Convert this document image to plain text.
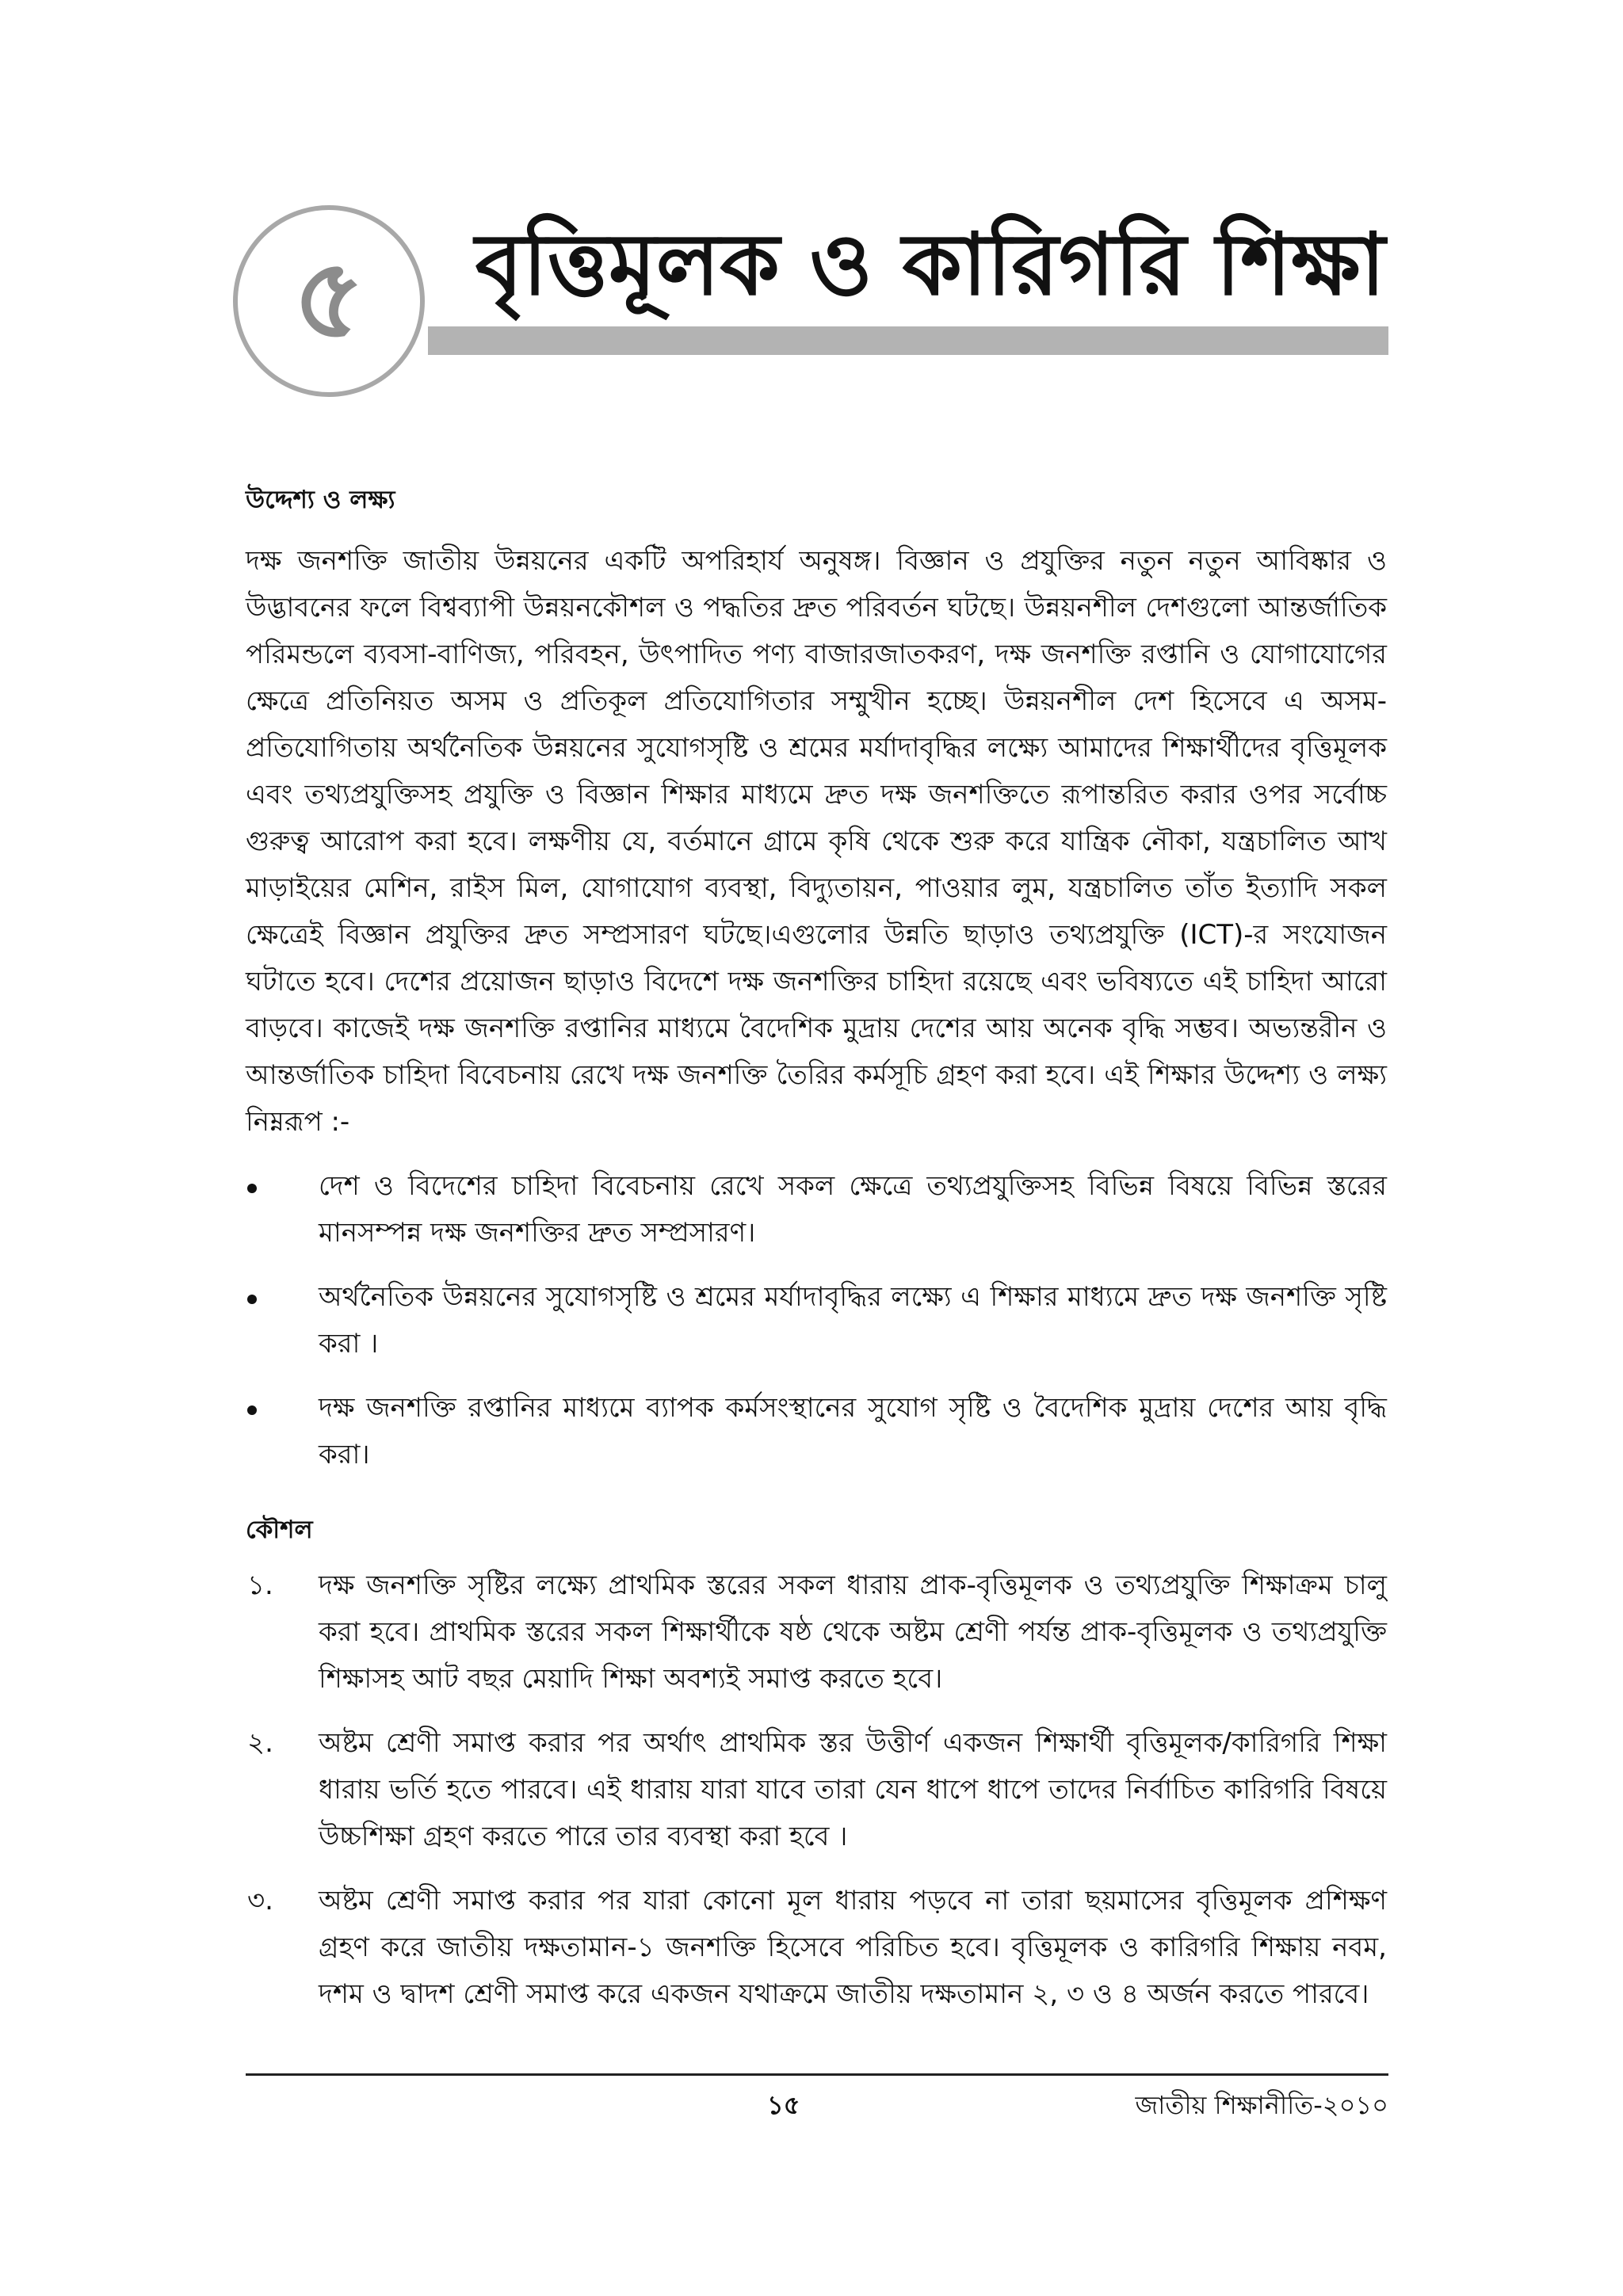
৫ বৃত্তিমূলক ও কারিগরি শিক্ষা
উদ্দেশ্য ও লক্ষ্য

দক্ষ জনশক্তি জাতীয় উন্নয়নের একটি অপরিহার্য অনুষঙ্গ। বিজ্ঞান ও প্রযুক্তির নতুন নতুন আবিষ্কার ও উদ্ভাবনের ফলে বিশ্বব্যাপী উন্নয়নকৌশল ও পদ্ধতির দ্রুত পরিবর্তন ঘটছে। উন্নয়নশীল দেশগুলো আন্তর্জাতিক পরিমন্ডলে ব্যবসা-বাণিজ্য, পরিবহন, উৎপাদিত পণ্য বাজারজাতকরণ, দক্ষ জনশক্তি রপ্তানি ও যোগাযোগের ক্ষেত্রে প্রতিনিয়ত অসম ও প্রতিকূল প্রতিযোগিতার সম্মুখীন হচ্ছে। উন্নয়নশীল দেশ হিসেবে এ অসম-প্রতিযোগিতায় অর্থনৈতিক উন্নয়নের সুযোগসৃষ্টি ও শ্রমের মর্যাদাবৃদ্ধির লক্ষ্যে আমাদের শিক্ষার্থীদের বৃত্তিমূলক এবং তথ্যপ্রযুক্তিসহ প্রযুক্তি ও বিজ্ঞান শিক্ষার মাধ্যমে দ্রুত দক্ষ জনশক্তিতে রূপান্তরিত করার ওপর সর্বোচ্চ গুরুত্ব আরোপ করা হবে। লক্ষণীয় যে, বর্তমানে গ্রামে কৃষি থেকে শুরু করে যান্ত্রিক নৌকা, যন্ত্রচালিত আখ মাড়াইয়ের মেশিন, রাইস মিল, যোগাযোগ ব্যবস্থা, বিদ্যুতায়ন, পাওয়ার লুম, যন্ত্রচালিত তাঁত ইত্যাদি সকল ক্ষেত্রেই বিজ্ঞান প্রযুক্তির দ্রুত সম্প্রসারণ ঘটছে।এগুলোর উন্নতি ছাড়াও তথ্যপ্রযুক্তি (ICT)-র সংযোজন ঘটাতে হবে। দেশের প্রয়োজন ছাড়াও বিদেশে দক্ষ জনশক্তির চাহিদা রয়েছে এবং ভবিষ্যতে এই চাহিদা আরো বাড়বে। কাজেই দক্ষ জনশক্তি রপ্তানির মাধ্যমে বৈদেশিক মুদ্রায় দেশের আয় অনেক বৃদ্ধি সম্ভব। অভ্যন্তরীন ও আন্তর্জাতিক চাহিদা বিবেচনায় রেখে দক্ষ জনশক্তি তৈরির কর্মসূচি গ্রহণ করা হবে। এই শিক্ষার উদ্দেশ্য ও লক্ষ্য নিম্নরূপ :-

দেশ ও বিদেশের চাহিদা বিবেচনায় রেখে সকল ক্ষেত্রে তথ্যপ্রযুক্তিসহ বিভিন্ন বিষয়ে বিভিন্ন স্তরের মানসম্পন্ন দক্ষ জনশক্তির দ্রুত সম্প্রসারণ।
অর্থনৈতিক উন্নয়নের সুযোগসৃষ্টি ও শ্রমের মর্যাদাবৃদ্ধির লক্ষ্যে এ শিক্ষার মাধ্যমে দ্রুত দক্ষ জনশক্তি সৃষ্টি করা ।
দক্ষ জনশক্তি রপ্তানির মাধ্যমে ব্যাপক কর্মসংস্থানের সুযোগ সৃষ্টি ও বৈদেশিক মুদ্রায় দেশের আয় বৃদ্ধি করা।
কৌশল
১. দক্ষ জনশক্তি সৃষ্টির লক্ষ্যে প্রাথমিক স্তরের সকল ধারায় প্রাক-বৃত্তিমূলক ও তথ্যপ্রযুক্তি শিক্ষাক্রম চালু করা হবে। প্রাথমিক স্তরের সকল শিক্ষার্থীকে ষষ্ঠ থেকে অষ্টম শ্রেণী পর্যন্ত প্রাক-বৃত্তিমূলক ও তথ্যপ্রযুক্তি শিক্ষাসহ আট বছর মেয়াদি শিক্ষা অবশ্যই সমাপ্ত করতে হবে।
২. অষ্টম শ্রেণী সমাপ্ত করার পর অর্থাৎ প্রাথমিক স্তর উত্তীর্ণ একজন শিক্ষার্থী বৃত্তিমূলক/কারিগরি শিক্ষা ধারায় ভর্তি হতে পারবে। এই ধারায় যারা যাবে তারা যেন ধাপে ধাপে তাদের নির্বাচিত কারিগরি বিষয়ে উচ্চশিক্ষা গ্রহণ করতে পারে তার ব্যবস্থা করা হবে ।
৩. অষ্টম শ্রেণী সমাপ্ত করার পর যারা কোনো মূল ধারায় পড়বে না তারা ছয়মাসের বৃত্তিমূলক প্রশিক্ষণ গ্রহণ করে জাতীয় দক্ষতামান-১ জনশক্তি হিসেবে পরিচিত হবে। বৃত্তিমূলক ও কারিগরি শিক্ষায় নবম, দশম ও দ্বাদশ শ্রেণী সমাপ্ত করে একজন যথাক্রমে জাতীয় দক্ষতামান ২, ৩ ও ৪ অর্জন করতে পারবে।
১৫	জাতীয় শিক্ষানীতি-২০১০
